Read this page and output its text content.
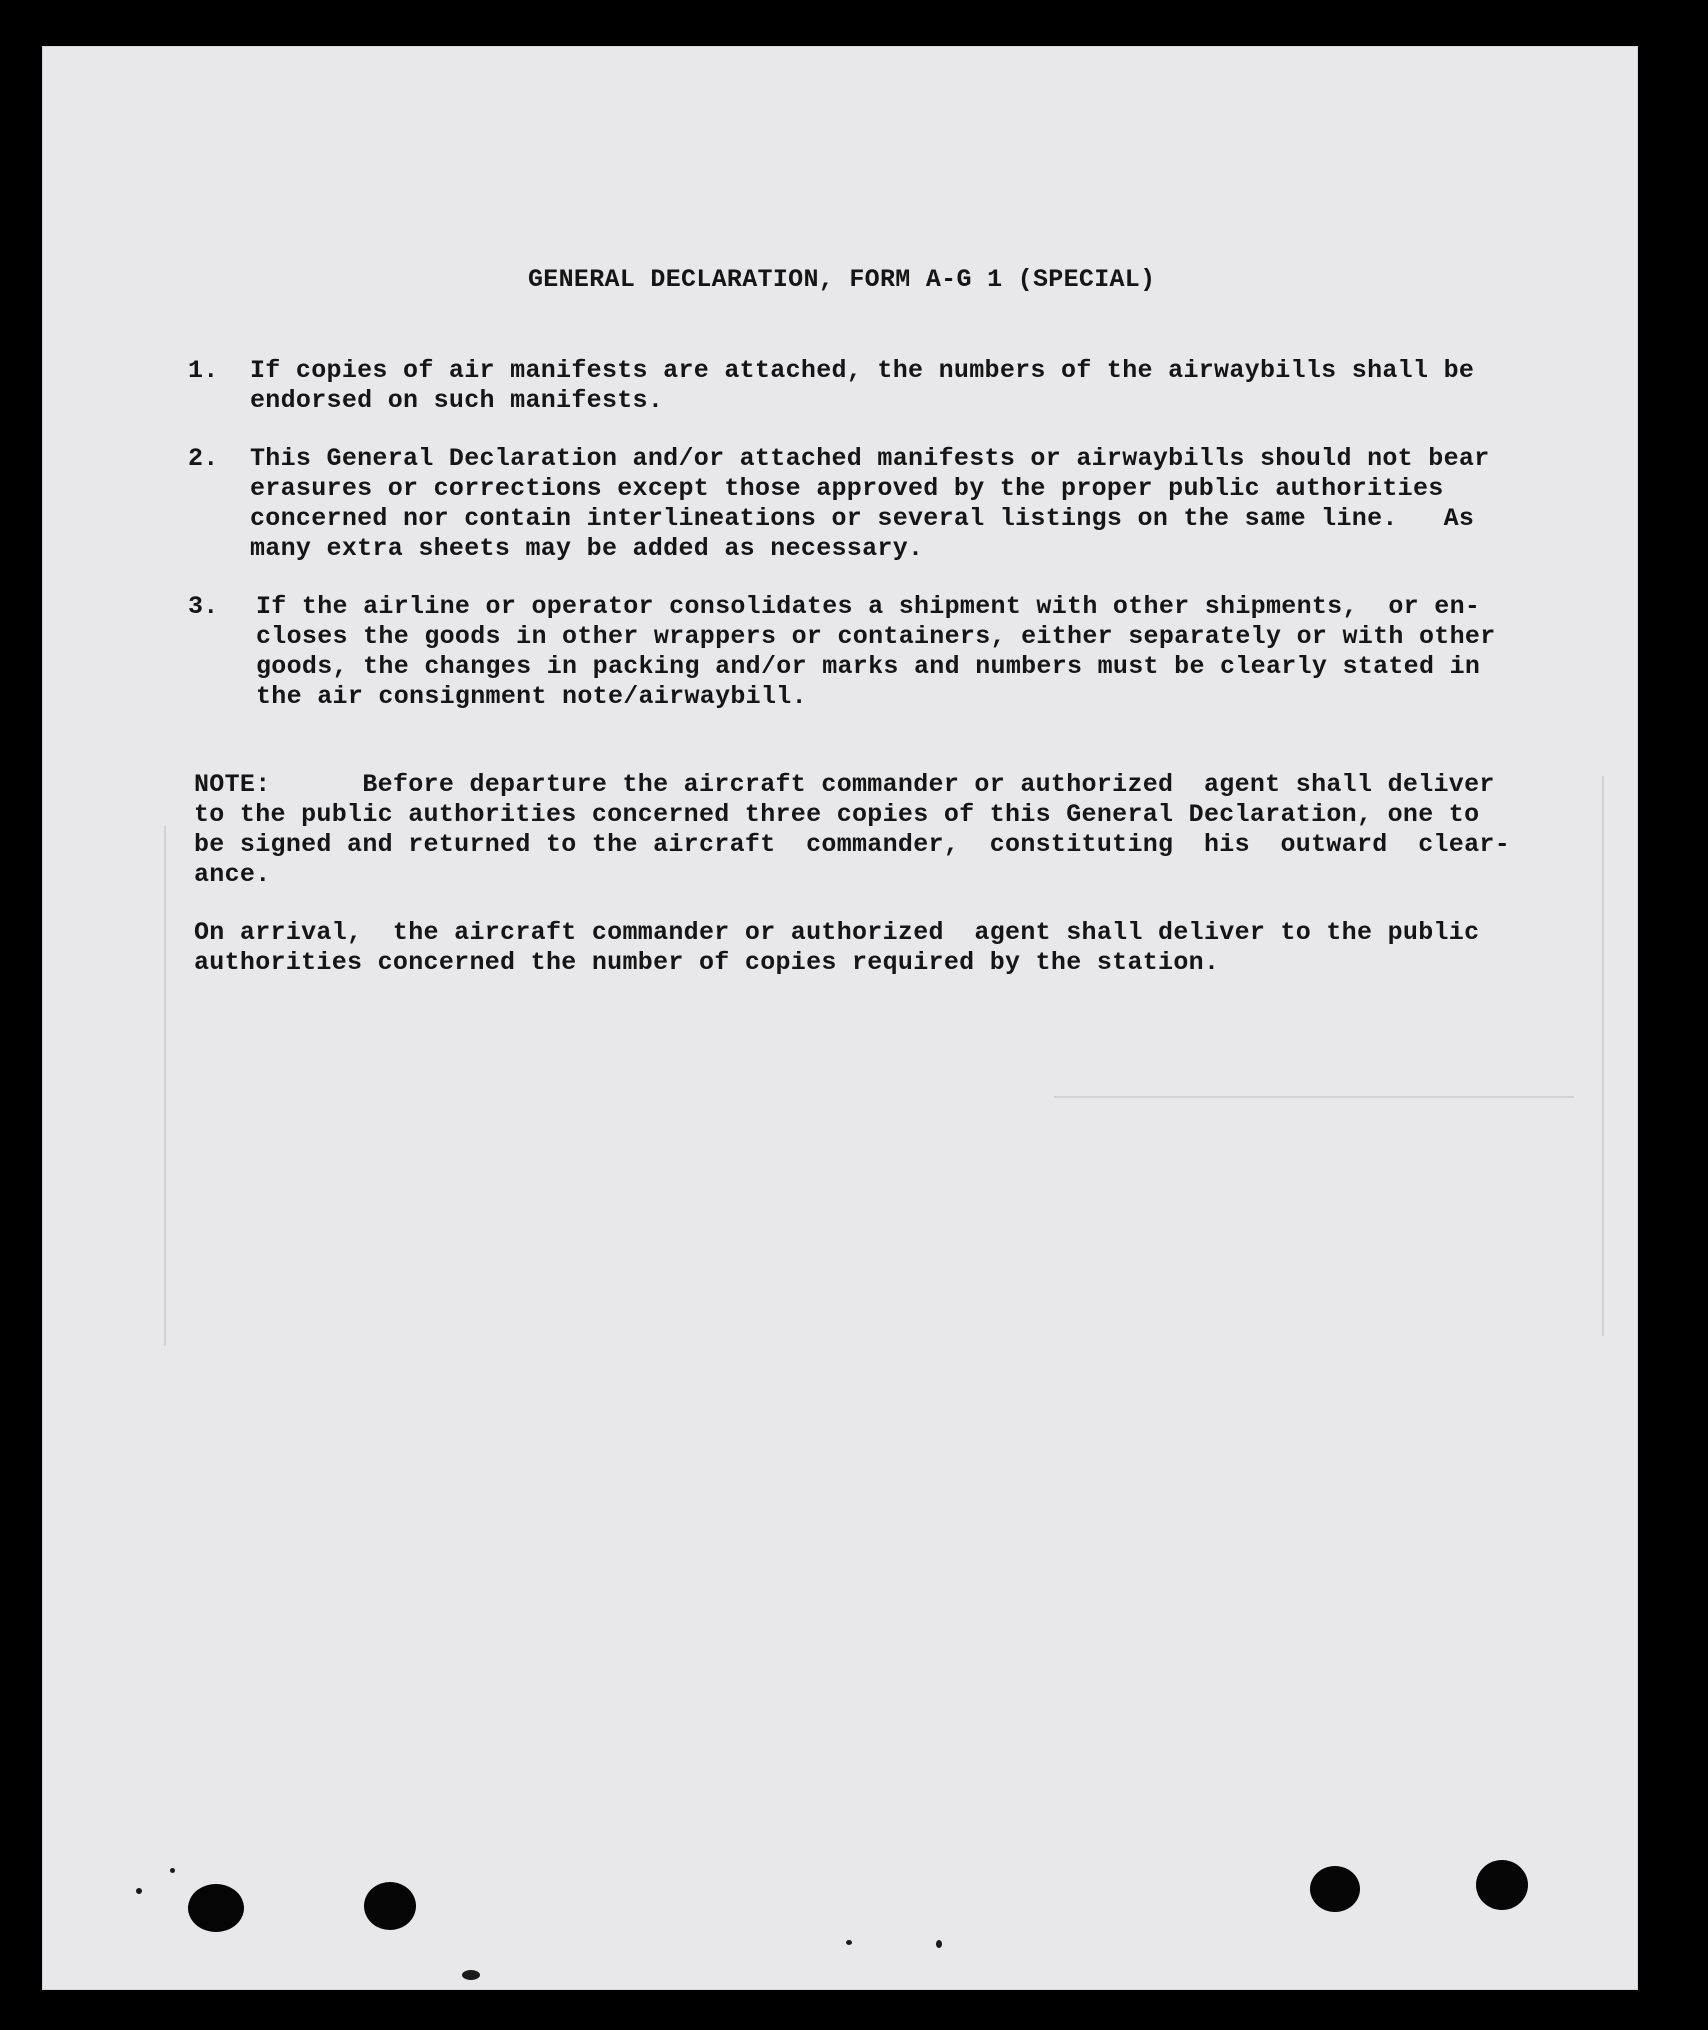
GENERAL DECLARATION, FORM A-G 1 (SPECIAL)
1. If copies of air manifests are attached, the numbers of the airwaybills shall be
endorsed on such manifests.
2. This General Declaration and/or attached manifests or airwaybills should not bear
erasures or corrections except those approved by the proper public authorities
concerned nor contain interlineations or several listings on the same line.   As
many extra sheets may be added as necessary.
3. If the airline or operator consolidates a shipment with other shipments,  or en-
closes the goods in other wrappers or containers, either separately or with other
goods, the changes in packing and/or marks and numbers must be clearly stated in
the air consignment note/airwaybill.
NOTE:      Before departure the aircraft commander or authorized  agent shall deliver
to the public authorities concerned three copies of this General Declaration, one to
be signed and returned to the aircraft  commander,  constituting  his  outward  clear-
ance.
On arrival,  the aircraft commander or authorized  agent shall deliver to the public
authorities concerned the number of copies required by the station.
